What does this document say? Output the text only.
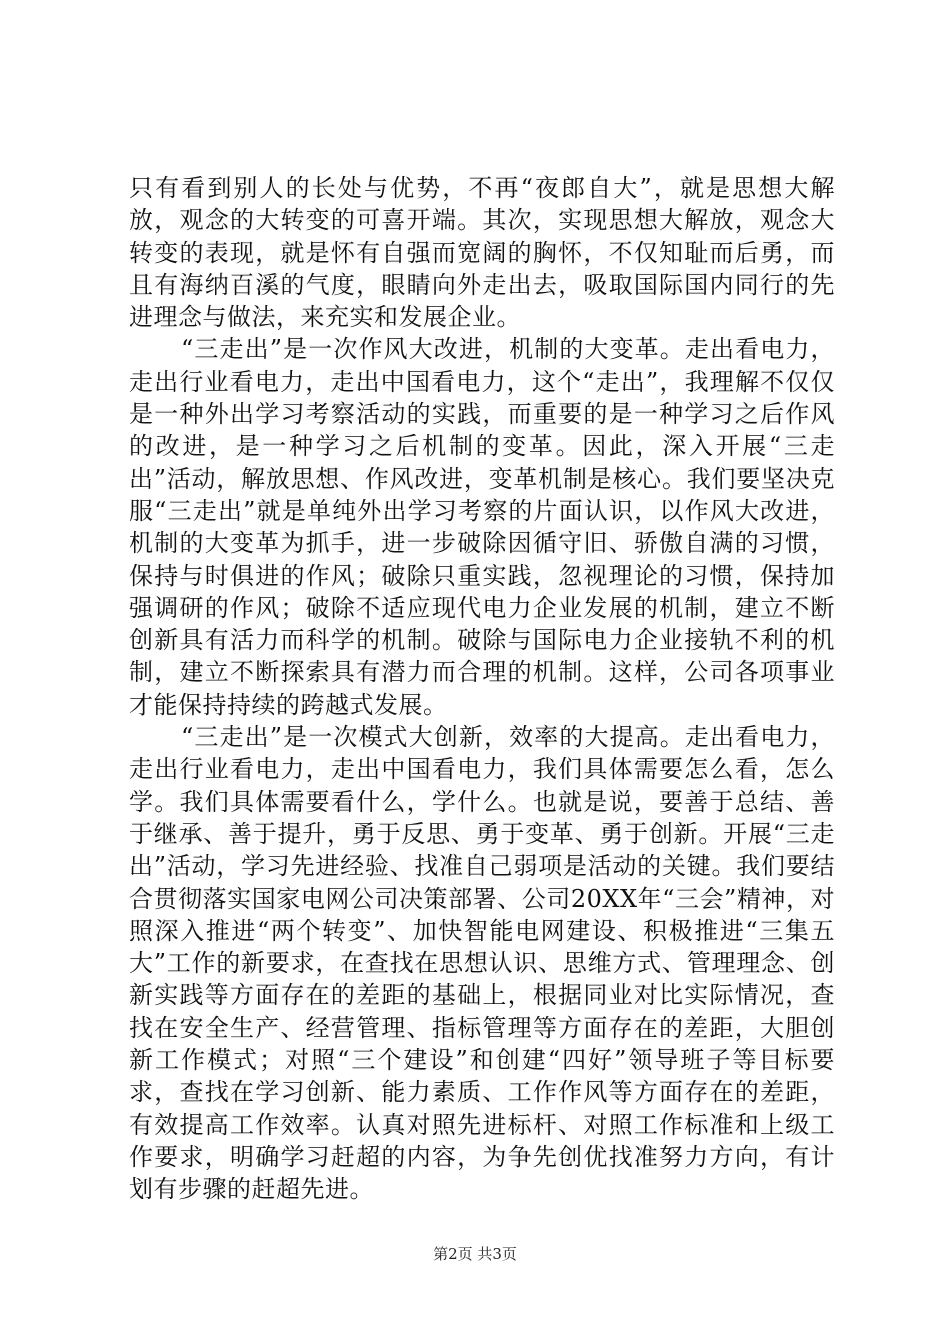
只有看到别人的长处与优势，不再“夜郎自大”，就是思想大解放，观念的大转变的可喜开端。其次，实现思想大解放，观念大转变的表现，就是怀有自强而宽阔的胸怀，不仅知耻而后勇，而且有海纳百溪的气度，眼睛向外走出去，吸取国际国内同行的先进理念与做法，来充实和发展企业。

“三走出”是一次作风大改进，机制的大变革。走出看电力，走出行业看电力，走出中国看电力，这个“走出”，我理解不仅仅是一种外出学习考察活动的实践，而重要的是一种学习之后作风的改进，是一种学习之后机制的变革。因此，深入开展“三走出”活动，解放思想、作风改进，变革机制是核心。我们要坚决克服“三走出”就是单纯外出学习考察的片面认识，以作风大改进，机制的大变革为抓手，进一步破除因循守旧、骄傲自满的习惯，保持与时俱进的作风；破除只重实践，忽视理论的习惯，保持加强调研的作风；破除不适应现代电力企业发展的机制，建立不断创新具有活力而科学的机制。破除与国际电力企业接轨不利的机制，建立不断探索具有潜力而合理的机制。这样，公司各项事业才能保持持续的跨越式发展。

“三走出”是一次模式大创新，效率的大提高。走出看电力，走出行业看电力，走出中国看电力，我们具体需要怎么看，怎么学。我们具体需要看什么，学什么。也就是说，要善于总结、善于继承、善于提升，勇于反思、勇于变革、勇于创新。开展“三走出”活动，学习先进经验、找准自己弱项是活动的关键。我们要结合贯彻落实国家电网公司决策部署、公司20XX年“三会”精神，对照深入推进“两个转变”、加快智能电网建设、积极推进“三集五大”工作的新要求，在查找在思想认识、思维方式、管理理念、创新实践等方面存在的差距的基础上，根据同业对比实际情况，查找在安全生产、经营管理、指标管理等方面存在的差距，大胆创新工作模式；对照“三个建设”和创建“四好”领导班子等目标要求，查找在学习创新、能力素质、工作作风等方面存在的差距，有效提高工作效率。认真对照先进标杆、对照工作标准和上级工作要求，明确学习赶超的内容，为争先创优找准努力方向，有计划有步骤的赶超先进。

第2页 共3页
